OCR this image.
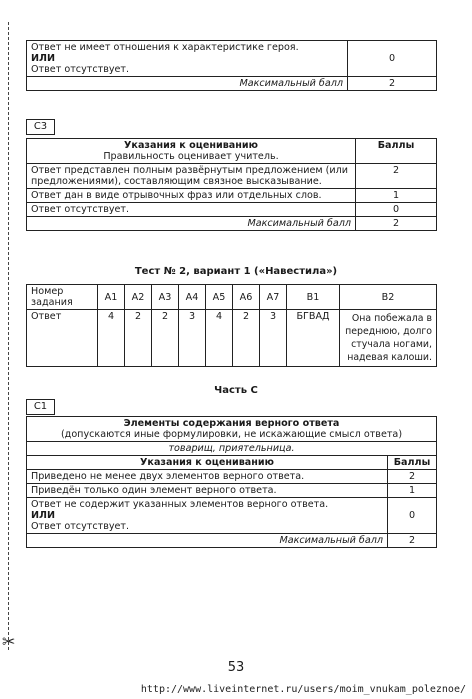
✂
Ответ не имеет отношения к характеристике героя.
ИЛИ
Ответ отсутствует.	0
Максимальный балл	2
С3
Указания к оцениванию
Правильность оценивает учитель.	Баллы
Ответ представлен полным развёрнутым предложением (или предложениями), составляющим связное высказывание.	2
Ответ дан в виде отрывочных фраз или отдельных слов.	1
Ответ отсутствует.	0
Максимальный балл	2
Тест № 2, вариант 1 («Навестила»)
Номер задания	А1	А2	А3	А4	А5	А6	А7	В1	В2
Ответ	4	2	2	3	4	2	3	БГВАД	Она побежала в переднюю, долго стучала ногами, надевая калоши.
Часть С
С1
Элементы содержания верного ответа
(допускаются иные формулировки, не искажающие смысл ответа)	

товарищ, приятельница.	
Указания к оцениванию	Баллы
Приведено не менее двух элементов верного ответа.	2
Приведён только один элемент верного ответа.	1

Ответ не содержит указанных элементов верного ответа.
ИЛИ
Ответ отсутствует.	0
Максимальный балл	2
53
http://www.liveinternet.ru/users/moim_vnukam_poleznoe/
